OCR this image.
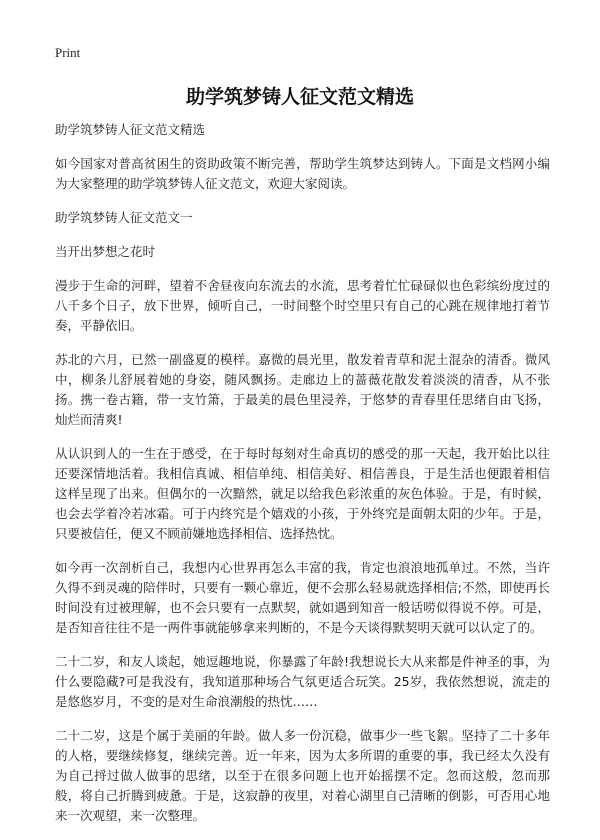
Print
助学筑梦铸人征文范文精选

助学筑梦铸人征文范文精选

如今国家对普高贫困生的资助政策不断完善，帮助学生筑梦达到铸人。下面是文档网小编为大家整理的助学筑梦铸人征文范文，欢迎大家阅读。

助学筑梦铸人征文范文一

当开出梦想之花时

漫步于生命的河畔，望着不舍昼夜向东流去的水流，思考着忙忙碌碌似也色彩缤纷度过的八千多个日子，放下世界，倾听自己，一时间整个时空里只有自己的心跳在规律地打着节奏，平静依旧。

苏北的六月，已然一副盛夏的模样。嘉微的晨光里，散发着青草和泥土混杂的清香。微风中，柳条儿舒展着她的身姿，随风飘扬。走廊边上的蔷薇花散发着淡淡的清香，从不张扬。携一卷古籍，带一支竹箫，于最美的晨色里浸养，于悠梦的青春里任思绪自由飞扬，灿烂而清爽!

从认识到人的一生在于感受，在于每时每刻对生命真切的感受的那一天起，我开始比以往还要深情地活着。我相信真诚、相信单纯、相信美好、相信善良，于是生活也便跟着相信这样呈现了出来。但偶尔的一次黯然，就足以给我色彩浓重的灰色体验。于是，有时候，也会去学着冷若冰霜。可于内终究是个嬉戏的小孩，于外终究是面朝太阳的少年。于是，只要被信任，便又不顾前嫌地选择相信、选择热忱。

如今再一次剖析自己，我想内心世界再怎么丰富的我，肯定也浪浪地孤单过。不然，当许久得不到灵魂的陪伴时，只要有一颗心靠近，便不会那么轻易就选择相信;不然，即使再长时间没有过被理解，也不会只要有一点默契，就如遇到知音一般话唠似得说不停。可是，是否知音往往不是一两件事就能够拿来判断的，不是今天谈得默契明天就可以认定了的。

二十二岁，和友人谈起，她逗趣地说，你暴露了年龄!我想说长大从来都是件神圣的事，为什么要隐藏?可是我没有，我知道那种场合气氛更适合玩笑。25岁，我依然想说，流走的是悠悠岁月，不变的是对生命浪潮般的热忱……

二十二岁，这是个属于美丽的年龄。做人多一份沉稳，做事少一些飞絮。坚持了二十多年的人格，要继续修复，继续完善。近一年来，因为太多所谓的重要的事，我已经太久没有为自己捋过做人做事的思绪，以至于在很多问题上也开始摇摆不定。忽而这般，忽而那般，将自己折腾到疲惫。于是，这寂静的夜里，对着心湖里自己清晰的倒影，可否用心地来一次观望，来一次整理。
